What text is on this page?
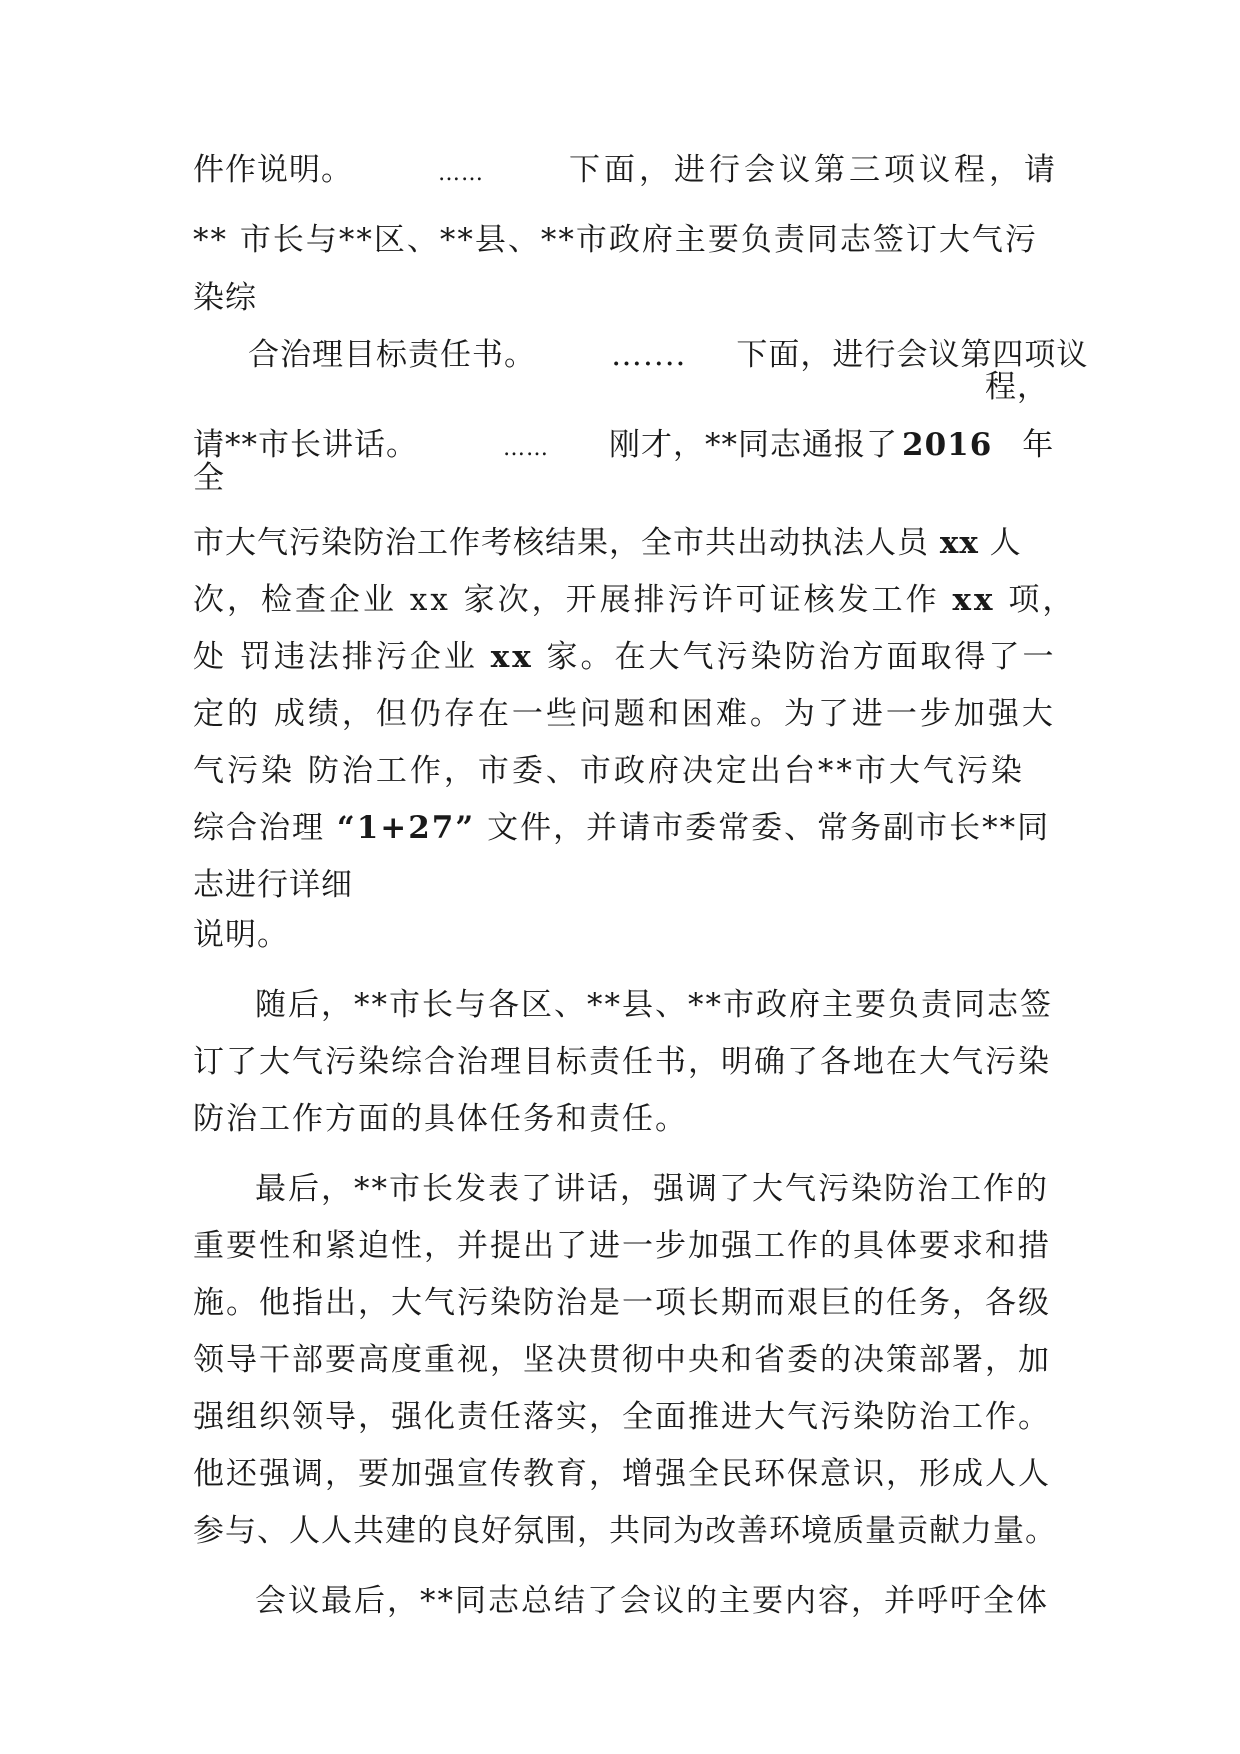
件作说明。	……	下面，进行会议第三项议程，请
** 市长与**区、**县、**市政府主要负责同志签订大气污
染综
合治理目标责任书。 ….... 下面，进行会议第四项议
程，
请**市长讲话。	…… 刚才，**同志通报了 2016 年
全
市大气污染防治工作考核结果，全市共出动执法人员 xx 人
次，检查企业 xx 家次，开展排污许可证核发工作 xx 项，
处 罚违法排污企业 xx 家。在大气污染防治方面取得了一
定的 成绩，但仍存在一些问题和困难。为了进一步加强大
气污染 防治工作，市委、市政府决定出台**市大气污染
综合治理 “1+27” 文件，并请市委常委、常务副市长**同
志进行详细
说明。
随后，**市长与各区、**县、**市政府主要负责同志签
订了大气污染综合治理目标责任书，明确了各地在大气污染
防治工作方面的具体任务和责任。
最后，**市长发表了讲话，强调了大气污染防治工作的
重要性和紧迫性，并提出了进一步加强工作的具体要求和措
施。他指出，大气污染防治是一项长期而艰巨的任务，各级
领导干部要高度重视，坚决贯彻中央和省委的决策部署，加
强组织领导，强化责任落实，全面推进大气污染防治工作。
他还强调，要加强宣传教育，增强全民环保意识，形成人人
参与、人人共建的良好氛围，共同为改善环境质量贡献力量。
会议最后，**同志总结了会议的主要内容，并呼吁全体
